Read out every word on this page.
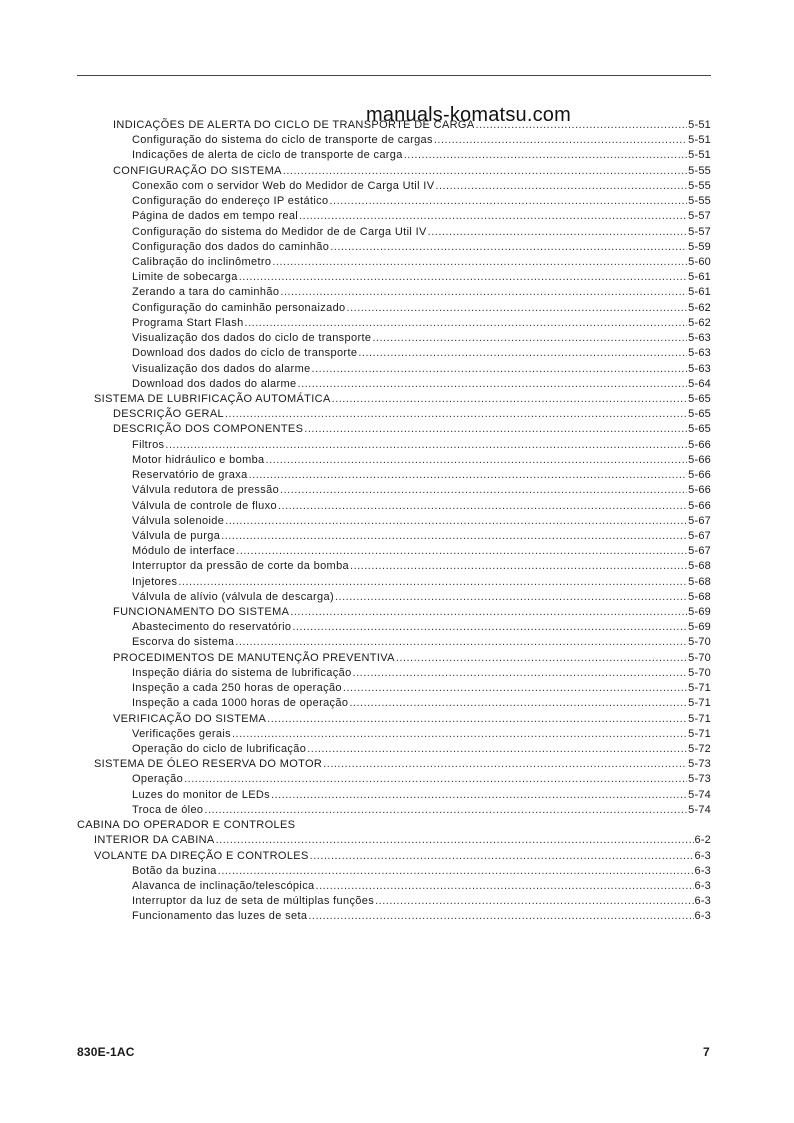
manuals-komatsu.com
INDICAÇÕES DE ALERTA DO CICLO DE TRANSPORTE DE CARGA .....	5-51
Configuração do sistema do ciclo de transporte de cargas .....	5-51
Indicações de alerta de ciclo de transporte de carga .....	5-51
CONFIGURAÇÃO DO SISTEMA .....	5-55
Conexão com o servidor Web do Medidor de Carga Util IV .....	5-55
Configuração do endereço IP estático .....	5-55
Página de dados em tempo real .....	5-57
Configuração do sistema do Medidor de de Carga Util IV .....	5-57
Configuração dos dados do caminhão .....	5-59
Calibração do inclinômetro .....	5-60
Limite de sobecarga .....	5-61
Zerando a tara do caminhão .....	5-61
Configuração do caminhão personaizado .....	5-62
Programa Start Flash .....	5-62
Visualização dos dados do ciclo de transporte .....	5-63
Download dos dados do ciclo de transporte .....	5-63
Visualização dos dados do alarme .....	5-63
Download dos dados do alarme .....	5-64
SISTEMA DE LUBRIFICAÇÃO AUTOMÁTICA .....	5-65
DESCRIÇÃO GERAL .....	5-65
DESCRIÇÃO DOS COMPONENTES .....	5-65
Filtros .....	5-66
Motor hidráulico e bomba .....	5-66
Reservatório de graxa .....	5-66
Válvula redutora de pressão .....	5-66
Válvula de controle de fluxo .....	5-66
Válvula solenoide .....	5-67
Válvula de purga .....	5-67
Módulo de interface .....	5-67
Interruptor da pressão de corte da bomba .....	5-68
Injetores .....	5-68
Válvula de alívio (válvula de descarga) .....	5-68
FUNCIONAMENTO DO SISTEMA .....	5-69
Abastecimento do reservatório .....	5-69
Escorva do sistema .....	5-70
PROCEDIMENTOS DE MANUTENÇÃO PREVENTIVA .....	5-70
Inspeção diária do sistema de lubrificação .....	5-70
Inspeção a cada 250 horas de operação .....	5-71
Inspeção a cada 1000 horas de operação .....	5-71
VERIFICAÇÃO DO SISTEMA .....	5-71
Verificações gerais .....	5-71
Operação do ciclo de lubrificação .....	5-72
SISTEMA DE ÓLEO RESERVA DO MOTOR .....	5-73
Operação .....	5-73
Luzes do monitor de LEDs .....	5-74
Troca de óleo .....	5-74
CABINA DO OPERADOR E CONTROLES
INTERIOR DA CABINA .....	6-2
VOLANTE DA DIREÇÃO E CONTROLES .....	6-3
Botão da buzina .....	6-3
Alavanca de inclinação/telescópica .....	6-3
Interruptor da luz de seta de múltiplas funções .....	6-3
Funcionamento das luzes de seta .....	6-3
830E-1AC	7
